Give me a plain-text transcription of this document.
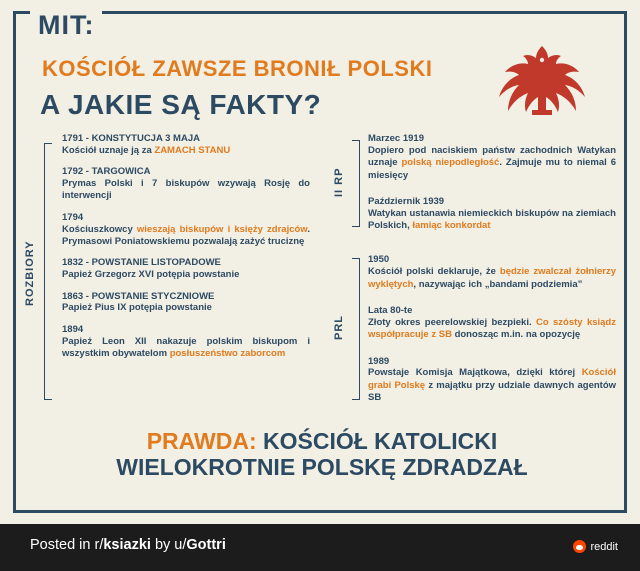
MIT:
KOŚCIÓŁ ZAWSZE BRONIŁ POLSKI
A JAKIE SĄ FAKTY?
ROZBIORY
II RP
PRL
1791 - KONSTYTUCJA 3 MAJA
Kościół uznaje ją za ZAMACH STANU
1792 - TARGOWICA
Prymas Polski i 7 biskupów wzywają Rosję do interwencji
1794
Kościuszkowcy wieszają biskupów i księży zdrajców. Prymasowi Poniatowskiemu pozwalają zażyć truciznę
1832 - POWSTANIE LISTOPADOWE
Papież Grzegorz XVI potępia powstanie
1863 - POWSTANIE STYCZNIOWE
Papież Pius IX potępia powstanie
1894
Papież Leon XII nakazuje polskim biskupom i wszystkim obywatelom posłuszeństwo zaborcom
Marzec 1919
Dopiero pod naciskiem państw zachodnich Watykan uznaje polską niepodległość. Zajmuje mu to niemal 6 miesięcy
Październik 1939
Watykan ustanawia niemieckich biskupów na ziemiach Polskich, łamiąc konkordat
1950
Kościół polski deklaruje, że będzie zwalczał żołnierzy wyklętych, nazywając ich „bandami podziemia”
Lata 80-te
Złoty okres peerelowskiej bezpieki. Co szósty ksiądz współpracuje z SB donosząc m.in. na opozycję
1989
Powstaje Komisja Majątkowa, dzięki której Kościół grabi Polskę z majątku przy udziale dawnych agentów SB
PRAWDA: KOŚCIÓŁ KATOLICKI
WIELOKROTNIE POLSKĘ ZDRADZAŁ
Posted in r/ksiazki by u/Gottri	reddit
